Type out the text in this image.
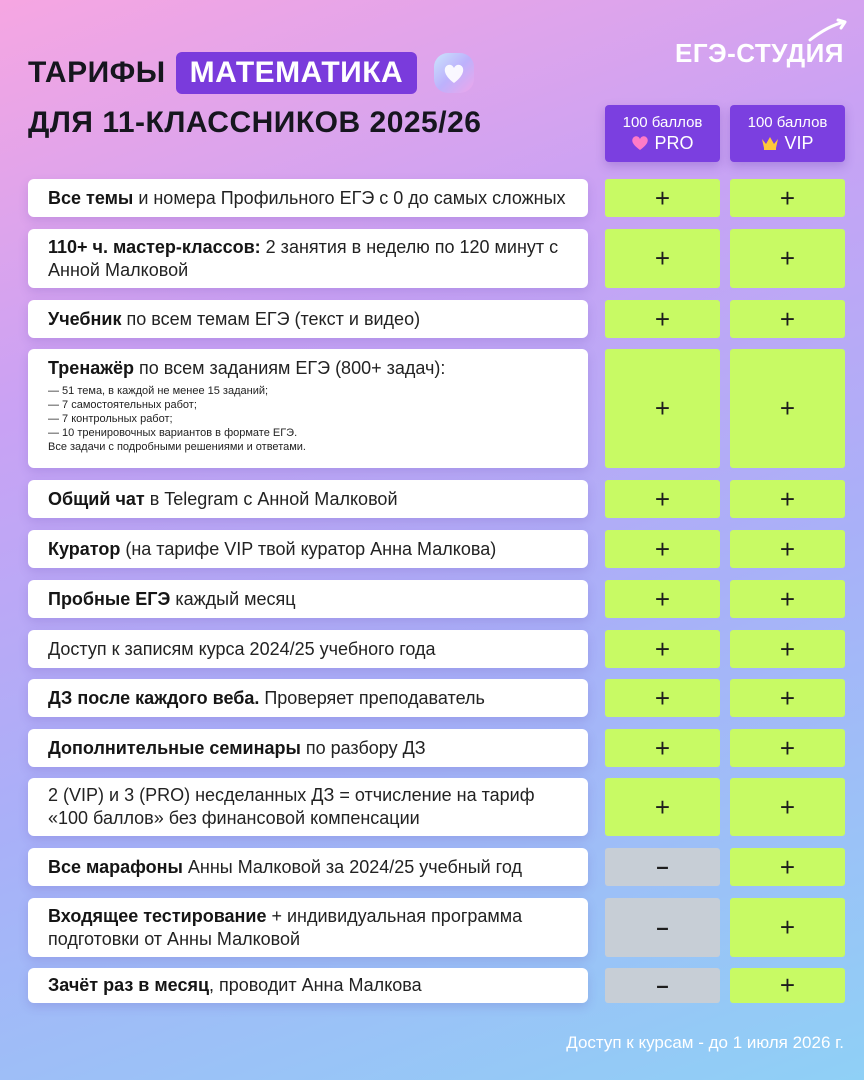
ТАРИФЫ МАТЕМАТИКА
ДЛЯ 11-КЛАССНИКОВ 2025/26
ЕГЭ-СТУДИЯ
100 баллов
PRO
100 баллов
VIP
Все темы и номера Профильного ЕГЭ с 0 до самых сложных	+	+
110+ ч. мастер-классов: 2 занятия в неделю по 120 минут с Анной Малковой	+	+
Учебник по всем темам ЕГЭ (текст и видео)	+	+
Тренажёр по всем заданиям ЕГЭ (800+ задач):
— 51 тема, в каждой не менее 15 заданий;
— 7 самостоятельных работ;
— 7 контрольных работ;
— 10 тренировочных вариантов в формате ЕГЭ.
Все задачи с подробными решениями и ответами.
+	+
Общий чат в Telegram с Анной Малковой	+	+
Куратор (на тарифе VIP твой куратор Анна Малкова)	+	+
Пробные ЕГЭ каждый месяц	+	+
Доступ к записям курса 2024/25 учебного года	+	+
ДЗ после каждого веба. Проверяет преподаватель	+	+
Дополнительные семинары по разбору ДЗ	+	+
2 (VIP) и 3 (PRO) несделанных ДЗ = отчисление на тариф «100 баллов» без финансовой компенсации	+	+
Все марафоны Анны Малковой за 2024/25 учебный год	–	+
Входящее тестирование + индивидуальная программа подготовки от Анны Малковой	–	+
Зачёт раз в месяц, проводит Анна Малкова	–	+
Доступ к курсам - до 1 июля 2026 г.
